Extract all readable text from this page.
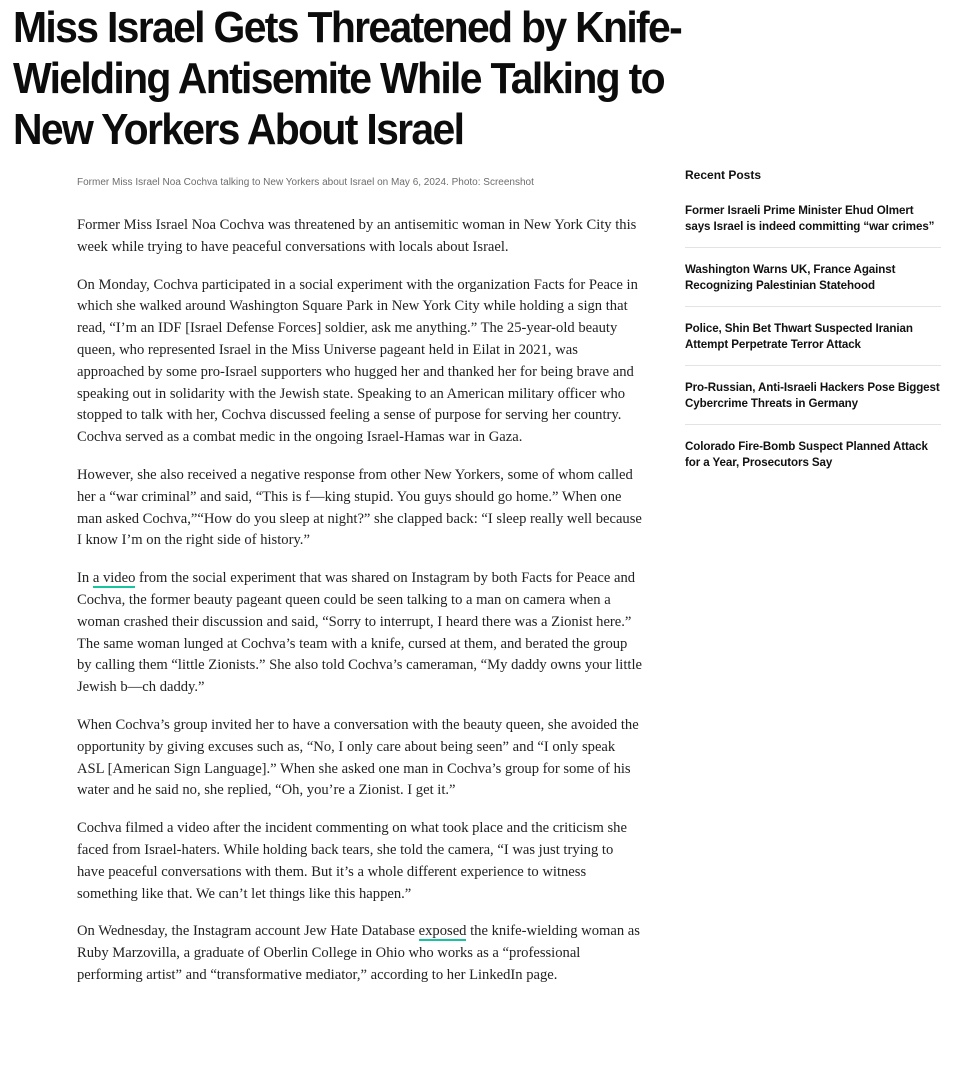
Miss Israel Gets Threatened by Knife-Wielding Antisemite While Talking to New Yorkers About Israel
Former Miss Israel Noa Cochva talking to New Yorkers about Israel on May 6, 2024. Photo: Screenshot

Former Miss Israel Noa Cochva was threatened by an antisemitic woman in New York City this week while trying to have peaceful conversations with locals about Israel.

On Monday, Cochva participated in a social experiment with the organization Facts for Peace in which she walked around Washington Square Park in New York City while holding a sign that read, “I’m an IDF [Israel Defense Forces] soldier, ask me anything.” The 25-year-old beauty queen, who represented Israel in the Miss Universe pageant held in Eilat in 2021, was approached by some pro-Israel supporters who hugged her and thanked her for being brave and speaking out in solidarity with the Jewish state. Speaking to an American military officer who stopped to talk with her, Cochva discussed feeling a sense of purpose for serving her country. Cochva served as a combat medic in the ongoing Israel-Hamas war in Gaza.

However, she also received a negative response from other New Yorkers, some of whom called her a “war criminal” and said, “This is f—king stupid. You guys should go home.” When one man asked Cochva,”“How do you sleep at night?” she clapped back: “I sleep really well because I know I’m on the right side of history.”

In a video from the social experiment that was shared on Instagram by both Facts for Peace and Cochva, the former beauty pageant queen could be seen talking to a man on camera when a woman crashed their discussion and said, “Sorry to interrupt, I heard there was a Zionist here.” The same woman lunged at Cochva’s team with a knife, cursed at them, and berated the group by calling them “little Zionists.” She also told Cochva’s cameraman, “My daddy owns your little Jewish b—ch daddy.”

When Cochva’s group invited her to have a conversation with the beauty queen, she avoided the opportunity by giving excuses such as, “No, I only care about being seen” and “I only speak ASL [American Sign Language].” When she asked one man in Cochva’s group for some of his water and he said no, she replied, “Oh, you’re a Zionist. I get it.”

Cochva filmed a video after the incident commenting on what took place and the criticism she faced from Israel-haters. While holding back tears, she told the camera, “I was just trying to have peaceful conversations with them. But it’s a whole different experience to witness something like that. We can’t let things like this happen.”

On Wednesday, the Instagram account Jew Hate Database exposed the knife-wielding woman as Ruby Marzovilla, a graduate of Oberlin College in Ohio who works as a “professional performing artist” and “transformative mediator,” according to her LinkedIn page.

Recent Posts
Former Israeli Prime Minister Ehud Olmert says Israel is indeed committing “war crimes”
Washington Warns UK, France Against Recognizing Palestinian Statehood
Police, Shin Bet Thwart Suspected Iranian Attempt Perpetrate Terror Attack
Pro-Russian, Anti-Israeli Hackers Pose Biggest Cybercrime Threats in Germany
Colorado Fire-Bomb Suspect Planned Attack for a Year, Prosecutors Say
